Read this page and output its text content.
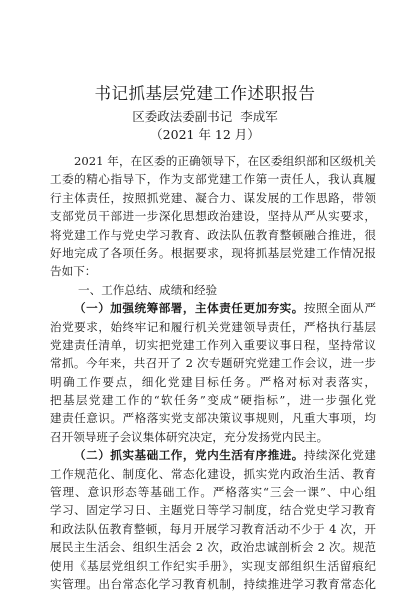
书记抓基层党建工作述职报告
区委政法委副书记 李成军
（2021 年 12 月）
2021 年，在区委的正确领导下，在区委组织部和区级机关
工委的精心指导下，作为支部党建工作第一责任人，我认真履
行主体责任，按照抓党建、凝合力、谋发展的工作思路，带领
支部党员干部进一步深化思想政治建设，坚持从严从实要求，
将党建工作与党史学习教育、政法队伍教育整顿融合推进，很
好地完成了各项任务。根据要求，现将抓基层党建工作情况报
告如下：
一、工作总结、成绩和经验
（一）加强统筹部署，主体责任更加夯实。按照全面从严
治党要求，始终牢记和履行机关党建领导责任，严格执行基层
党建责任清单，切实把党建工作列入重要议事日程，坚持常议
常抓。今年来，共召开了 2 次专题研究党建工作会议，进一步
明确工作要点，细化党建目标任务。严格对标对表落实，
把基层党建工作的“软任务”变成“硬指标”，进一步强化党
建责任意识。严格落实党支部决策议事规则，凡重大事项，均
召开领导班子会议集体研究决定，充分发扬党内民主。
（二）抓实基础工作，党内生活有序推进。持续深化党建
工作规范化、制度化、常态化建设，抓实党内政治生活、教育
管理、意识形态等基础工作。严格落实“三会一课”、中心组
学习、固定学习日、主题党日等学习制度，结合党史学习教育
和政法队伍教育整顿，每月开展学习教育活动不少于 4 次，开
展民主生活会、组织生活会 2 次，政治忠诚剖析会 2 次。规范
使用《基层党组织工作纪实手册》，实现支部组织生活留痕纪
实管理。出台常态化学习教育机制，持续推进学习教育常态化
